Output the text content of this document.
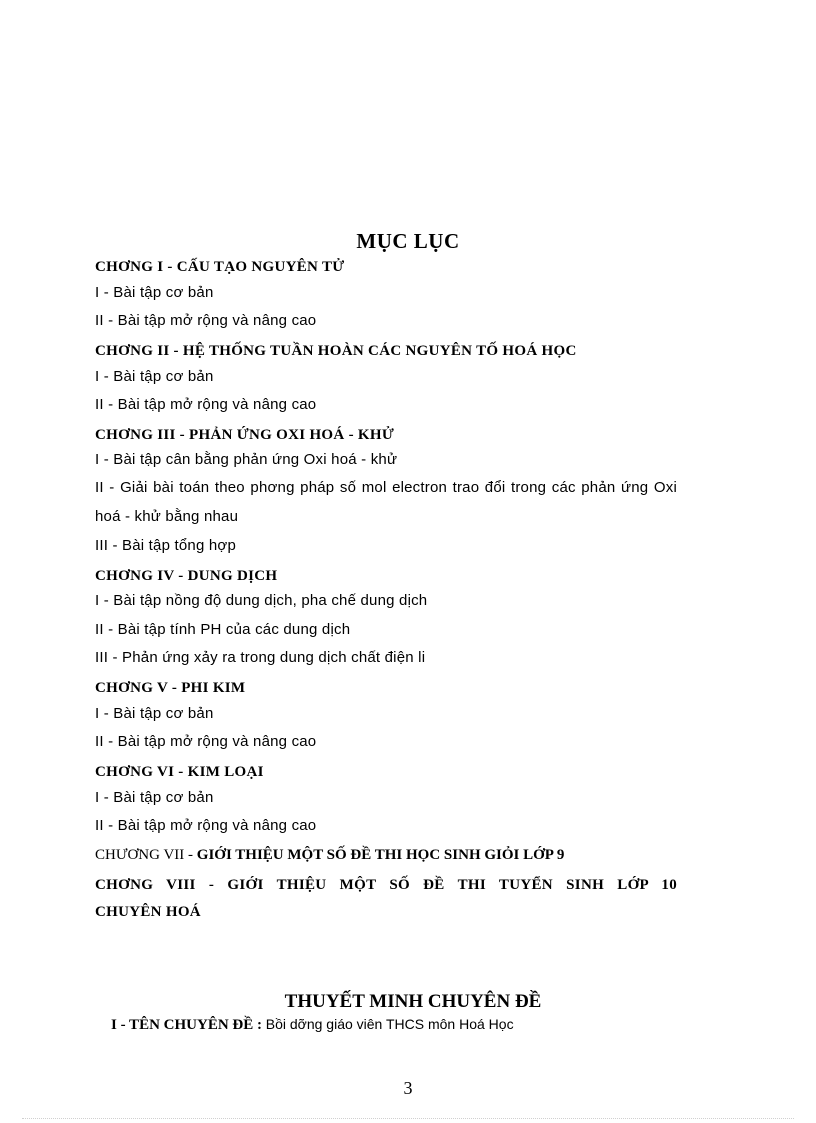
MỤC LỤC
CHƠNG I - CẤU TẠO NGUYÊN TỬ
I - Bài tập cơ bản
II - Bài tập mở rộng và nâng cao
CHƠNG II - HỆ THỐNG TUẦN HOÀN CÁC NGUYÊN TỐ HOÁ HỌC
I - Bài tập cơ bản
II - Bài tập mở rộng và nâng cao
CHƠNG III - PHẢN ỨNG OXI HOÁ - KHỬ
I - Bài tập cân bằng phản ứng Oxi hoá - khử
II - Giải bài toán theo phơng pháp số mol electron trao đổi trong các phản ứng Oxi
hoá - khử bằng nhau
III - Bài tập tổng hợp
CHƠNG IV - DUNG DỊCH
I - Bài tập nồng độ dung dịch, pha chế dung dịch
II - Bài tập tính PH của các dung dịch
III - Phản ứng xảy ra trong dung dịch chất điện li
CHƠNG V - PHI KIM
I - Bài tập cơ bản
II - Bài tập mở rộng và nâng cao
CHƠNG VI - KIM LOẠI
I - Bài tập cơ bản
II - Bài tập mở rộng và nâng cao
CHƯƠNG VII - GIỚI THIỆU MỘT SỐ ĐỀ THI HỌC SINH GIỎI LỚP 9
CHƠNG VIII - GIỚI THIỆU MỘT SỐ ĐỀ THI TUYỂN SINH LỚP 10
CHUYÊN HOÁ
THUYẾT MINH CHUYÊN ĐỀ
I - TÊN CHUYÊN ĐỀ : Bồi dỡng giáo viên THCS môn Hoá Học
3
